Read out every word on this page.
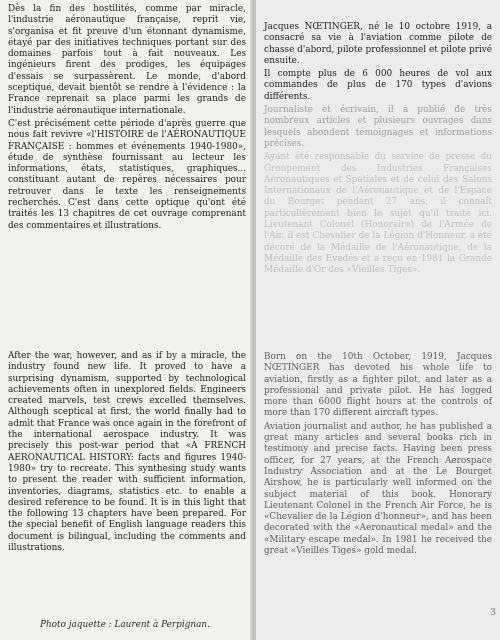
Dès la fin des hostilités, comme par miracle, l'industrie aéronautique française, reprit vie, s'organisa et fit preuve d'un étonnant dynamisme, étayé par des initiatives techniques portant sur des domaines parfois tout à fait nouveaux. Les ingénieurs firent des prodiges, les équipages d'essais se surpassèrent. Le monde, d'abord sceptique, devait bientôt se rendre à l'évidence : la France reprenait sa place parmi les grands de l'industrie aéronautique internationale.

C'est précisément cette période d'après guerre que nous fait revivre «l'HISTOIRE de l'AÉRONAUTIQUE FRANÇAISE : hommes et événements 1940-1980», étude de synthèse fournissant au lecteur les informations, états, statistiques, graphiques... constituant autant de repères nécessaires pour retrouver dans le texte les renseignements recherchés. C'est dans cette optique qu'ont été traités les 13 chapitres de cet ouvrage comprenant des commentaires et illustrations.

After the war, however, and as if by a miracle, the industry found new life. It proved to have a surprising dynamism, supported by technological achievements often in unexplored fields. Engineers created marvels, test crews excelled themselves. Although sceptical at first, the world finally had to admit that France was once again in the forefront of the international aerospace industry. It was precisely this post-war period that «A FRENCH AERONAUTICAL HISTORY: facts and figures 1940-1980» try to recreate. This synthesing study wants to present the reader with sufficient information, inventories, diagrams, statistics etc. to enable a desired reference to be found. It is in this light that the following 13 chapters have been prepared. For the special benefit of English language readers this document is bilingual, including the comments and illustrations.

Photo jaquette : Laurent à Perpignan.

Jacques NŒTINGER, né le 10 octobre 1919, a consacré sa vie à l'aviation comme pilote de chasse d'abord, pilote professionnel et pilote privé ensuite.

Il compte plus de 6 000 heures de vol aux commandes de plus de 170 types d'avions différents.

Journaliste et écrivain, il a publié de très nombreux articles et plusieurs ouvrages dans lesquels abondent témoignages et informations précises.

Ayant été responsable du service de presse du Groupement des Industries Françaises Aéronautiques et Spatiales et de celui des Salons Internationaux de l'Aéronautique et de l'Espace du Bourget pendant 27 ans, il connaît particulièrement bien le sujet qu'il traite ici. Lieutenant Colonel (Honoraire) de l'Armée de l'Air, il est Chevalier de la Légion d'Honneur, a été décoré de la Médaille de l'Aéronautique, de la Médaille des Evadés et a reçu en 1981 la Grande Médaille d'Or des «Vieilles Tiges».

Born on the 10th October, 1919, Jacques NŒTINGER has devoted his whole life to aviation, firstly as a fighter pilot, and later as a professional and private pilot. He has logged more than 6000 flight hours at the controls of more than 170 different aircraft types.

Aviation journalist and author, he has published a great many articles and several books rich in testimony and precise facts. Having been press officer, for 27 years, at the French Aerospace Industry Association and at the Le Bourget Airshow, he is particularly well informed on the subject material of this book. Honorary Lieutenant Colonel in the French Air Force, he is «Chevalier de la Légion d'honneur», and has been decorated with the «Aeronautical medal» and the «Military escape medal». In 1981 he received the great «Vieilles Tiges» gold medal.

3
